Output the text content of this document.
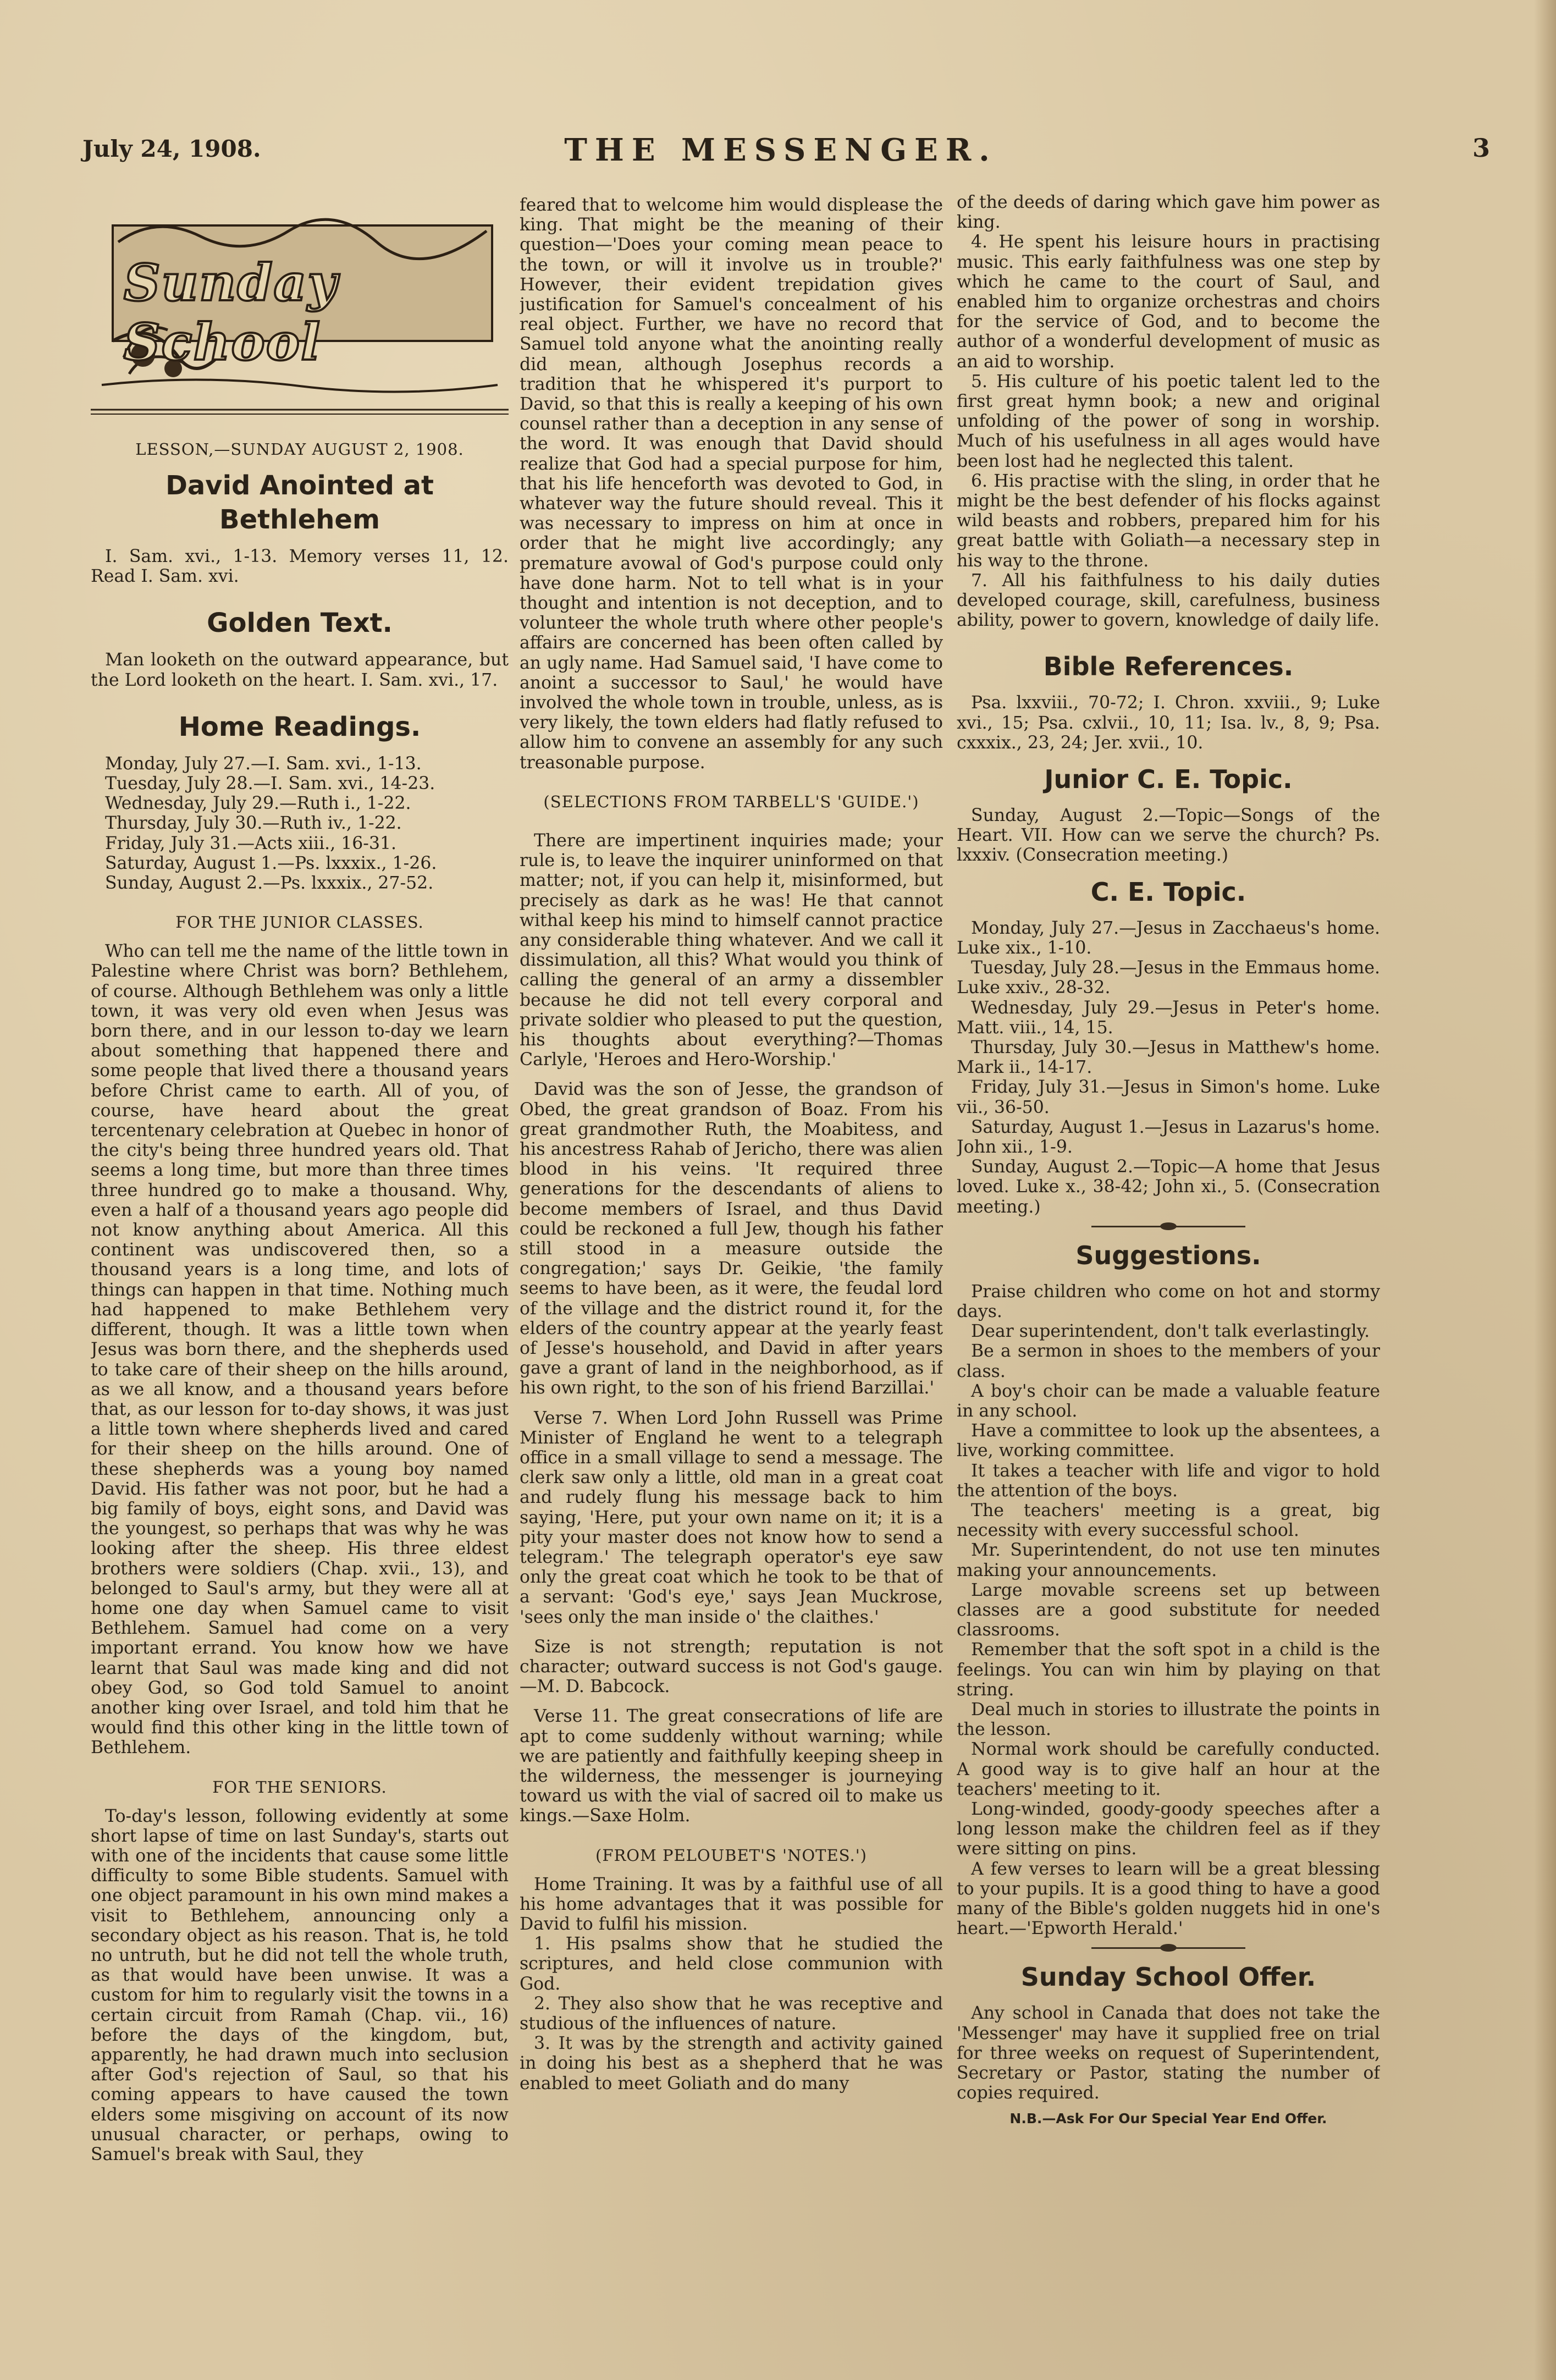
July 24, 1908.	THE MESSENGER.	3
Sunday School

LESSON,—SUNDAY AUGUST 2, 1908.

David Anointed at Bethlehem

I. Sam. xvi., 1-13. Memory verses 11, 12. Read I. Sam. xvi.

Golden Text.

Man looketh on the outward appearance, but the Lord looketh on the heart. I. Sam. xvi., 17.

Home Readings.

Monday, July 27.—I. Sam. xvi., 1-13.

Tuesday, July 28.—I. Sam. xvi., 14-23.

Wednesday, July 29.—Ruth i., 1-22.

Thursday, July 30.—Ruth iv., 1-22.

Friday, July 31.—Acts xiii., 16-31.

Saturday, August 1.—Ps. lxxxix., 1-26.

Sunday, August 2.—Ps. lxxxix., 27-52.

FOR THE JUNIOR CLASSES.

Who can tell me the name of the little town in Palestine where Christ was born? Bethlehem, of course. Although Bethlehem was only a little town, it was very old even when Jesus was born there, and in our lesson to-day we learn about something that happened there and some people that lived there a thousand years before Christ came to earth. All of you, of course, have heard about the great tercentenary celebration at Quebec in honor of the city's being three hundred years old. That seems a long time, but more than three times three hundred go to make a thousand. Why, even a half of a thousand years ago people did not know anything about America. All this continent was undiscovered then, so a thousand years is a long time, and lots of things can happen in that time. Nothing much had happened to make Bethlehem very different, though. It was a little town when Jesus was born there, and the shepherds used to take care of their sheep on the hills around, as we all know, and a thousand years before that, as our lesson for to-day shows, it was just a little town where shepherds lived and cared for their sheep on the hills around. One of these shepherds was a young boy named David. His father was not poor, but he had a big family of boys, eight sons, and David was the youngest, so perhaps that was why he was looking after the sheep. His three eldest brothers were soldiers (Chap. xvii., 13), and belonged to Saul's army, but they were all at home one day when Samuel came to visit Bethlehem. Samuel had come on a very important errand. You know how we have learnt that Saul was made king and did not obey God, so God told Samuel to anoint another king over Israel, and told him that he would find this other king in the little town of Bethlehem.

FOR THE SENIORS.

To-day's lesson, following evidently at some short lapse of time on last Sunday's, starts out with one of the incidents that cause some little difficulty to some Bible students. Samuel with one object paramount in his own mind makes a visit to Bethlehem, announcing only a secondary object as his reason. That is, he told no untruth, but he did not tell the whole truth, as that would have been unwise. It was a custom for him to regularly visit the towns in a certain circuit from Ramah (Chap. vii., 16) before the days of the kingdom, but, apparently, he had drawn much into seclusion after God's rejection of Saul, so that his coming appears to have caused the town elders some misgiving on account of its now unusual character, or perhaps, owing to Samuel's break with Saul, they

feared that to welcome him would displease the king. That might be the meaning of their question—'Does your coming mean peace to the town, or will it involve us in trouble?' However, their evident trepidation gives justification for Samuel's concealment of his real object. Further, we have no record that Samuel told anyone what the anointing really did mean, although Josephus records a tradition that he whispered it's purport to David, so that this is really a keeping of his own counsel rather than a deception in any sense of the word. It was enough that David should realize that God had a special purpose for him, that his life henceforth was devoted to God, in whatever way the future should reveal. This it was necessary to impress on him at once in order that he might live accordingly; any premature avowal of God's purpose could only have done harm. Not to tell what is in your thought and intention is not deception, and to volunteer the whole truth where other people's affairs are concerned has been often called by an ugly name. Had Samuel said, 'I have come to anoint a successor to Saul,' he would have involved the whole town in trouble, unless, as is very likely, the town elders had flatly refused to allow him to convene an assembly for any such treasonable purpose.

(SELECTIONS FROM TARBELL'S 'GUIDE.')

There are impertinent inquiries made; your rule is, to leave the inquirer uninformed on that matter; not, if you can help it, misinformed, but precisely as dark as he was! He that cannot withal keep his mind to himself cannot practice any considerable thing whatever. And we call it dissimulation, all this? What would you think of calling the general of an army a dissembler because he did not tell every corporal and private soldier who pleased to put the question, his thoughts about everything?—Thomas Carlyle, 'Heroes and Hero-Worship.'

David was the son of Jesse, the grandson of Obed, the great grandson of Boaz. From his great grandmother Ruth, the Moabitess, and his ancestress Rahab of Jericho, there was alien blood in his veins. 'It required three generations for the descendants of aliens to become members of Israel, and thus David could be reckoned a full Jew, though his father still stood in a measure outside the congregation;' says Dr. Geikie, 'the family seems to have been, as it were, the feudal lord of the village and the district round it, for the elders of the country appear at the yearly feast of Jesse's household, and David in after years gave a grant of land in the neighborhood, as if his own right, to the son of his friend Barzillai.'

Verse 7. When Lord John Russell was Prime Minister of England he went to a telegraph office in a small village to send a message. The clerk saw only a little, old man in a great coat and rudely flung his message back to him saying, 'Here, put your own name on it; it is a pity your master does not know how to send a telegram.' The telegraph operator's eye saw only the great coat which he took to be that of a servant: 'God's eye,' says Jean Muckrose, 'sees only the man inside o' the claithes.'

Size is not strength; reputation is not character; outward success is not God's gauge.—M. D. Babcock.

Verse 11. The great consecrations of life are apt to come suddenly without warning; while we are patiently and faithfully keeping sheep in the wilderness, the messenger is journeying toward us with the vial of sacred oil to make us kings.—Saxe Holm.

(FROM PELOUBET'S 'NOTES.')

Home Training. It was by a faithful use of all his home advantages that it was possible for David to fulfil his mission.

1. His psalms show that he studied the scriptures, and held close communion with God.

2. They also show that he was receptive and studious of the influences of nature.

3. It was by the strength and activity gained in doing his best as a shepherd that he was enabled to meet Goliath and do many

of the deeds of daring which gave him power as king.

4. He spent his leisure hours in practising music. This early faithfulness was one step by which he came to the court of Saul, and enabled him to organize orchestras and choirs for the service of God, and to become the author of a wonderful development of music as an aid to worship.

5. His culture of his poetic talent led to the first great hymn book; a new and original unfolding of the power of song in worship. Much of his usefulness in all ages would have been lost had he neglected this talent.

6. His practise with the sling, in order that he might be the best defender of his flocks against wild beasts and robbers, prepared him for his great battle with Goliath—a necessary step in his way to the throne.

7. All his faithfulness to his daily duties developed courage, skill, carefulness, business ability, power to govern, knowledge of daily life.

Bible References.

Psa. lxxviii., 70-72; I. Chron. xxviii., 9; Luke xvi., 15; Psa. cxlvii., 10, 11; Isa. lv., 8, 9; Psa. cxxxix., 23, 24; Jer. xvii., 10.

Junior C. E. Topic.

Sunday, August 2.—Topic—Songs of the Heart. VII. How can we serve the church? Ps. lxxxiv. (Consecration meeting.)

C. E. Topic.

Monday, July 27.—Jesus in Zacchaeus's home. Luke xix., 1-10.

Tuesday, July 28.—Jesus in the Emmaus home. Luke xxiv., 28-32.

Wednesday, July 29.—Jesus in Peter's home. Matt. viii., 14, 15.

Thursday, July 30.—Jesus in Matthew's home. Mark ii., 14-17.

Friday, July 31.—Jesus in Simon's home. Luke vii., 36-50.

Saturday, August 1.—Jesus in Lazarus's home. John xii., 1-9.

Sunday, August 2.—Topic—A home that Jesus loved. Luke x., 38-42; John xi., 5. (Consecration meeting.)

Suggestions.

Praise children who come on hot and stormy days.

Dear superintendent, don't talk everlastingly.

Be a sermon in shoes to the members of your class.

A boy's choir can be made a valuable feature in any school.

Have a committee to look up the absentees, a live, working committee.

It takes a teacher with life and vigor to hold the attention of the boys.

The teachers' meeting is a great, big necessity with every successful school.

Mr. Superintendent, do not use ten minutes making your announcements.

Large movable screens set up between classes are a good substitute for needed classrooms.

Remember that the soft spot in a child is the feelings. You can win him by playing on that string.

Deal much in stories to illustrate the points in the lesson.

Normal work should be carefully conducted. A good way is to give half an hour at the teachers' meeting to it.

Long-winded, goody-goody speeches after a long lesson make the children feel as if they were sitting on pins.

A few verses to learn will be a great blessing to your pupils. It is a good thing to have a good many of the Bible's golden nuggets hid in one's heart.—'Epworth Herald.'

Sunday School Offer.

Any school in Canada that does not take the 'Messenger' may have it supplied free on trial for three weeks on request of Superintendent, Secretary or Pastor, stating the number of copies required.

N.B.—Ask For Our Special Year End Offer.
